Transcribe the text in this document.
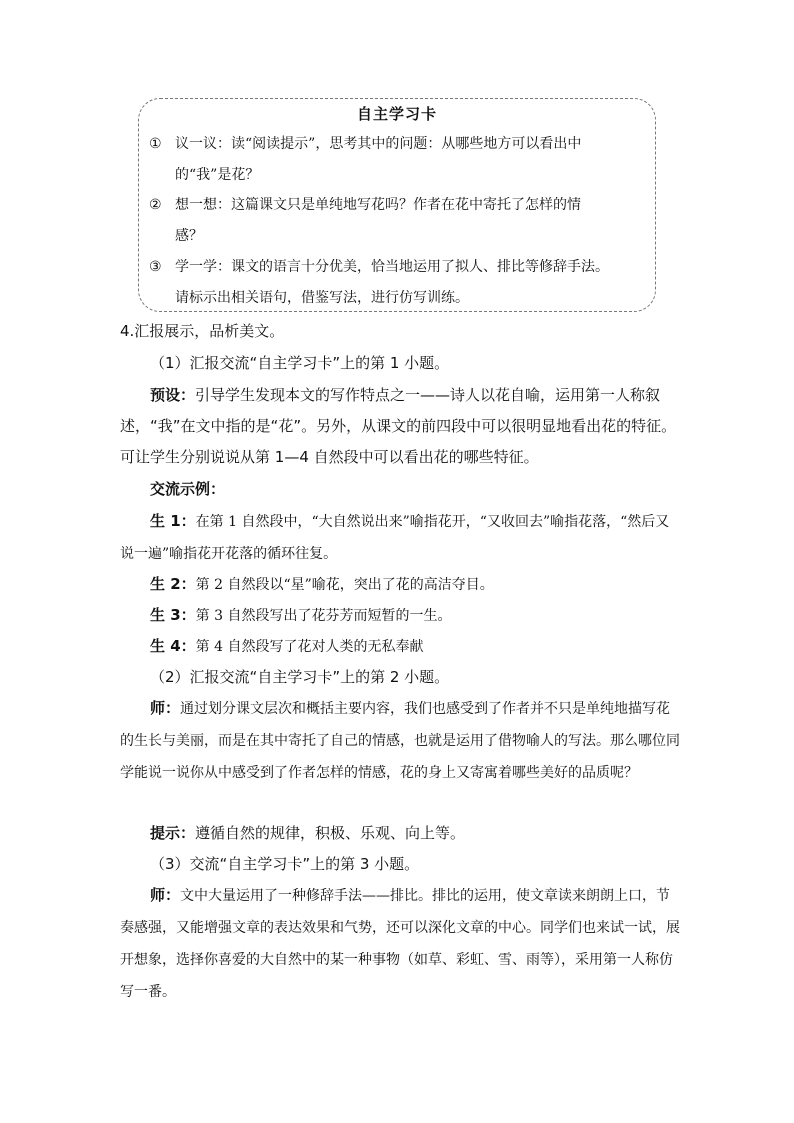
自主学习卡
① 议一议：读“阅读提示”，思考其中的问题：从哪些地方可以看出中
的“我”是花？
② 想一想：这篇课文只是单纯地写花吗？作者在花中寄托了怎样的情
感？
③ 学一学：课文的语言十分优美，恰当地运用了拟人、排比等修辞手法。
请标示出相关语句，借鉴写法，进行仿写训练。
4.汇报展示，品析美文。
（1）汇报交流“自主学习卡”上的第 1 小题。
预设：引导学生发现本文的写作特点之一——诗人以花自喻，运用第一人称叙述，“我”在文中指的是“花”。另外，从课文的前四段中可以很明显地看出花的特征。可让学生分别说说从第 1—4 自然段中可以看出花的哪些特征。
交流示例：
生 1：在第 1 自然段中，“大自然说出来”喻指花开，“又收回去”喻指花落，“然后又说一遍”喻指花开花落的循环往复。
生 2：第 2 自然段以“星”喻花，突出了花的高洁夺目。
生 3：第 3 自然段写出了花芬芳而短暂的一生。
生 4：第 4 自然段写了花对人类的无私奉献
（2）汇报交流“自主学习卡”上的第 2 小题。
师：通过划分课文层次和概括主要内容，我们也感受到了作者并不只是单纯地描写花的生长与美丽，而是在其中寄托了自己的情感，也就是运用了借物喻人的写法。那么哪位同学能说一说你从中感受到了作者怎样的情感，花的身上又寄寓着哪些美好的品质呢？
提示：遵循自然的规律，积极、乐观、向上等。
（3）交流“自主学习卡”上的第 3 小题。
师：文中大量运用了一种修辞手法——排比。排比的运用，使文章读来朗朗上口，节奏感强，又能增强文章的表达效果和气势，还可以深化文章的中心。同学们也来试一试，展开想象，选择你喜爱的大自然中的某一种事物（如草、彩虹、雪、雨等），采用第一人称仿写一番。
